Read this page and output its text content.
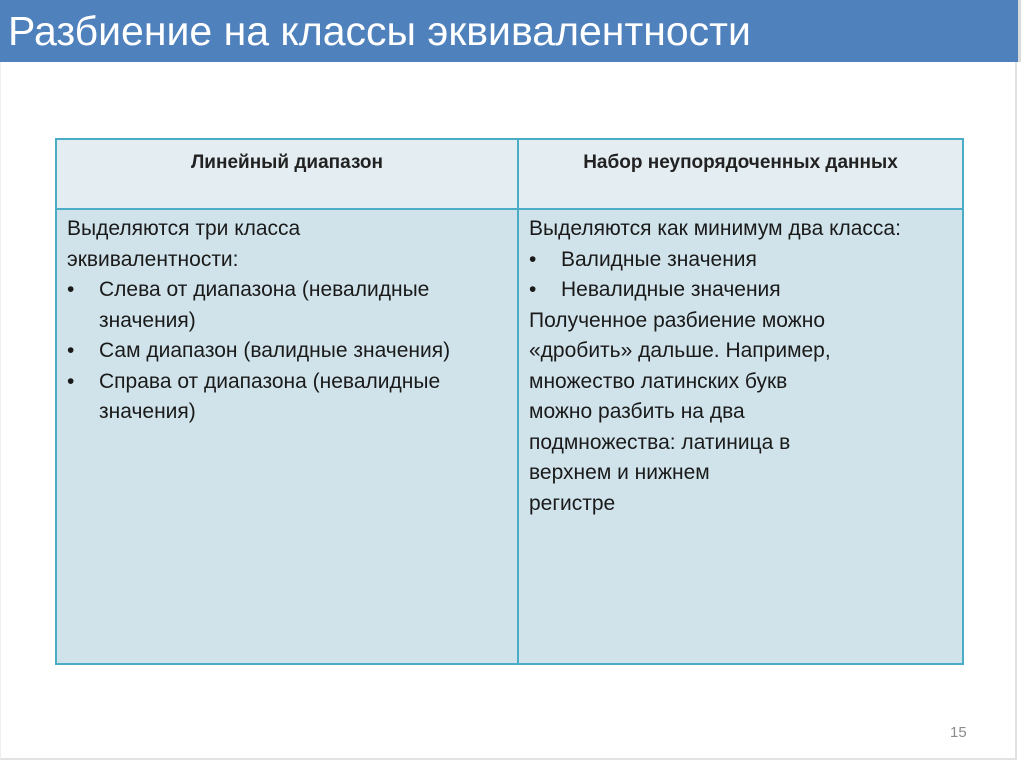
Разбиение на классы эквивалентности
Линейный диапазон	Набор неупорядоченных данных
Выделяются три класса
эквивалентности:
• Слева от диапазона (невалидные
значения)
• Сам диапазон (валидные значения)
• Справа от диапазона (невалидные
значения)
Выделяются как минимум два класса:
• Валидные значения
• Невалидные значения
Полученное разбиение можно
«дробить» дальше. Например,
множество латинских букв
можно разбить на два
подмножества: латиница в
верхнем и нижнем
регистре
15
